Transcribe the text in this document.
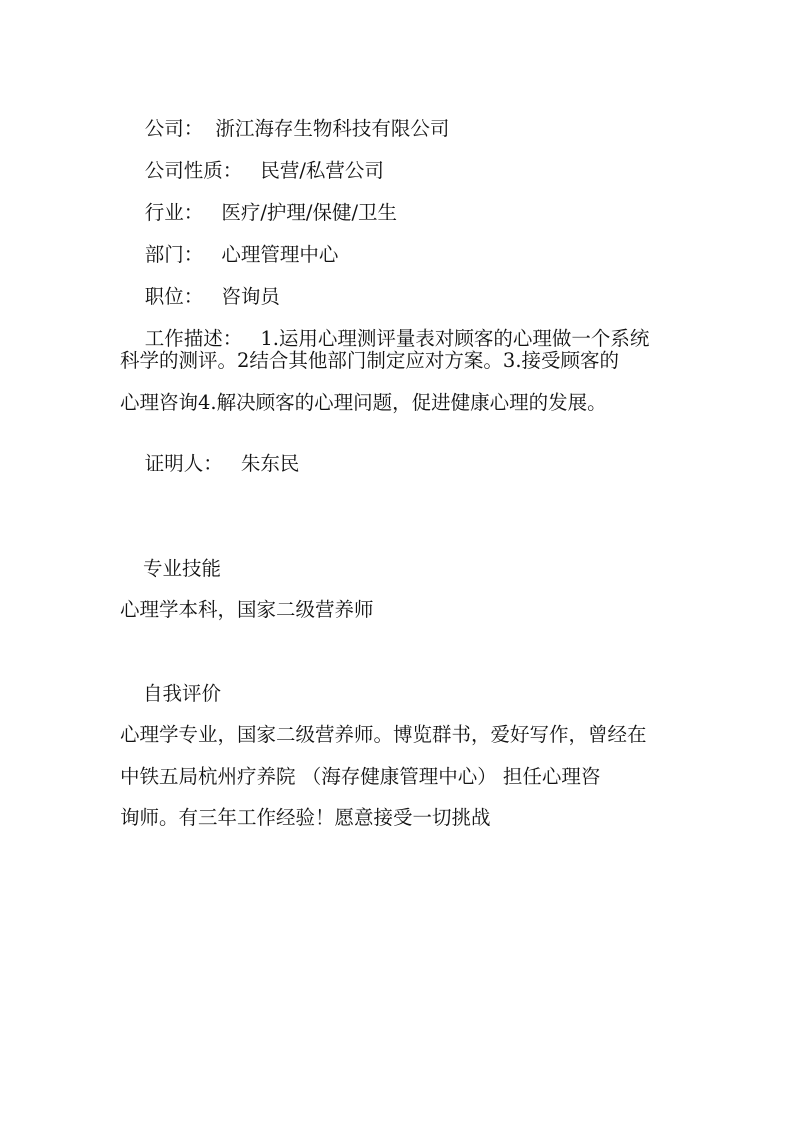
公司： 浙江海存生物科技有限公司

公司性质： 民营/私营公司

行业： 医疗/护理/保健/卫生

部门： 心理管理中心

职位： 咨询员

工作描述： 1.运用心理测评量表对顾客的心理做一个系统

科学的测评。2结合其他部门制定应对方案。3.接受顾客的
心理咨询4.解决顾客的心理问题，促进健康心理的发展。

证明人： 朱东民

专业技能
心理学本科，国家二级营养师
自我评价
心理学专业，国家二级营养师。博览群书，爱好写作，曾经在
中铁五局杭州疗养院 （海存健康管理中心） 担任心理咨
询师。有三年工作经验！愿意接受一切挑战
